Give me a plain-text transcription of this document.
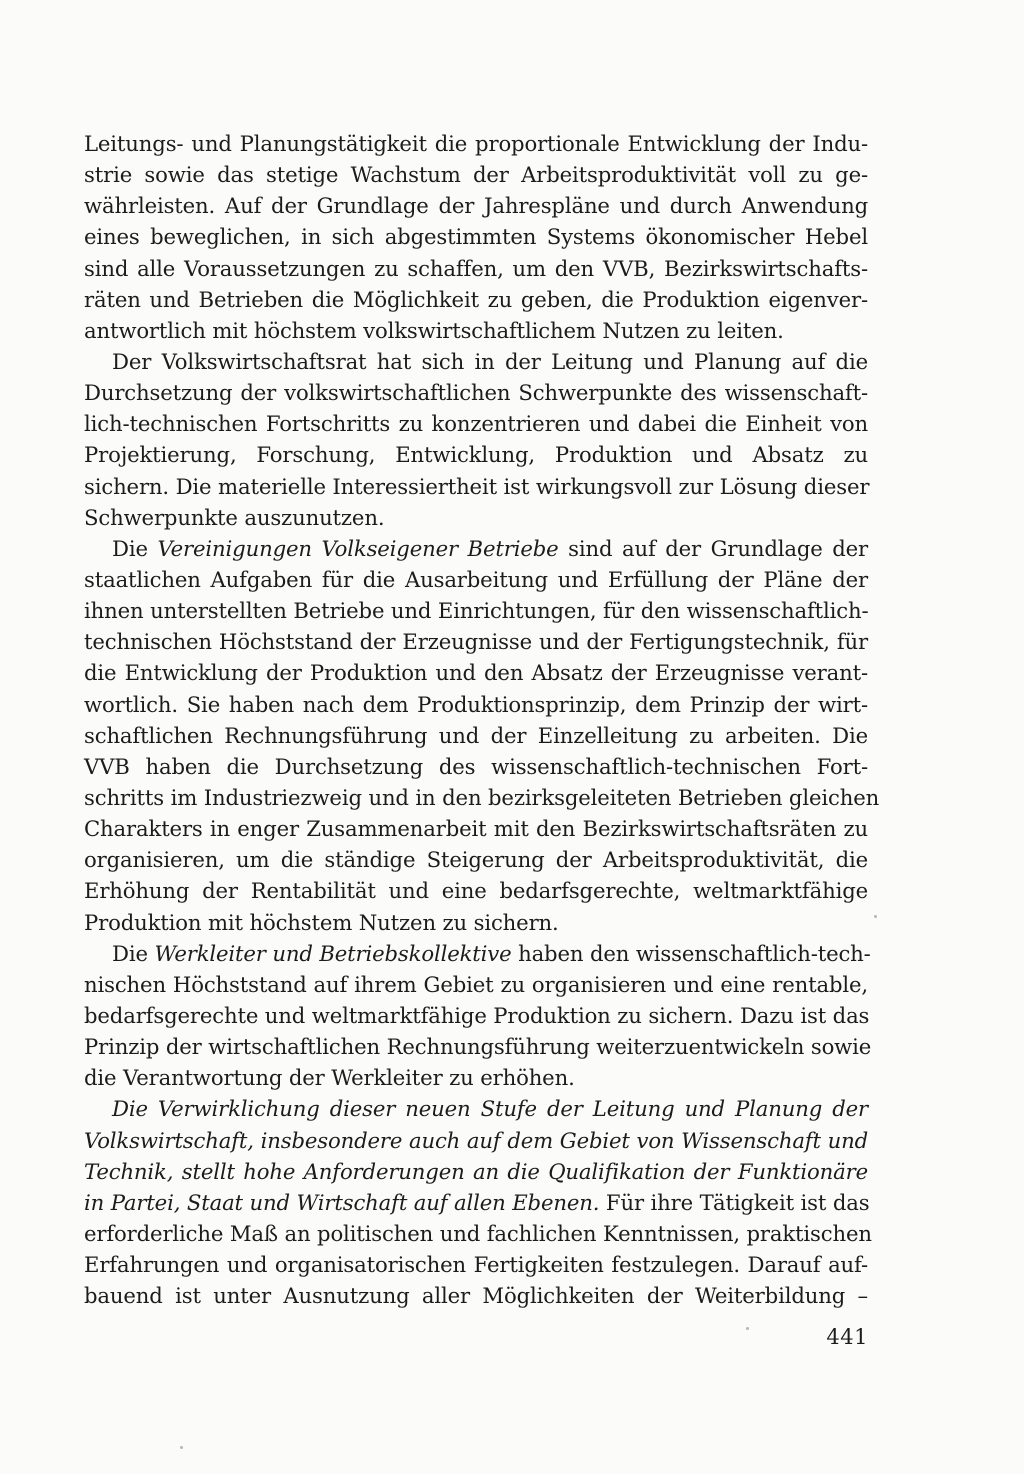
Leitungs- und Planungstätigkeit die proportionale Entwicklung der Indu-
strie sowie das stetige Wachstum der Arbeitsproduktivität voll zu ge-
währleisten. Auf der Grundlage der Jahrespläne und durch Anwendung
eines beweglichen, in sich abgestimmten Systems ökonomischer Hebel
sind alle Voraussetzungen zu schaffen, um den VVB, Bezirkswirtschafts-
räten und Betrieben die Möglichkeit zu geben, die Produktion eigenver-
antwortlich mit höchstem volkswirtschaftlichem Nutzen zu leiten.
Der Volkswirtschaftsrat hat sich in der Leitung und Planung auf die
Durchsetzung der volkswirtschaftlichen Schwerpunkte des wissenschaft-
lich-technischen Fortschritts zu konzentrieren und dabei die Einheit von
Projektierung, Forschung, Entwicklung, Produktion und Absatz zu
sichern. Die materielle Interessiertheit ist wirkungsvoll zur Lösung dieser
Schwerpunkte auszunutzen.
Die Vereinigungen Volkseigener Betriebe sind auf der Grundlage der
staatlichen Aufgaben für die Ausarbeitung und Erfüllung der Pläne der
ihnen unterstellten Betriebe und Einrichtungen, für den wissenschaftlich-
technischen Höchststand der Erzeugnisse und der Fertigungstechnik, für
die Entwicklung der Produktion und den Absatz der Erzeugnisse verant-
wortlich. Sie haben nach dem Produktionsprinzip, dem Prinzip der wirt-
schaftlichen Rechnungsführung und der Einzelleitung zu arbeiten. Die
VVB haben die Durchsetzung des wissenschaftlich-technischen Fort-
schritts im Industriezweig und in den bezirksgeleiteten Betrieben gleichen
Charakters in enger Zusammenarbeit mit den Bezirkswirtschaftsräten zu
organisieren, um die ständige Steigerung der Arbeitsproduktivität, die
Erhöhung der Rentabilität und eine bedarfsgerechte, weltmarktfähige
Produktion mit höchstem Nutzen zu sichern.
Die Werkleiter und Betriebskollektive haben den wissenschaftlich-tech-
nischen Höchststand auf ihrem Gebiet zu organisieren und eine rentable,
bedarfsgerechte und weltmarktfähige Produktion zu sichern. Dazu ist das
Prinzip der wirtschaftlichen Rechnungsführung weiterzuentwickeln sowie
die Verantwortung der Werkleiter zu erhöhen.
Die Verwirklichung dieser neuen Stufe der Leitung und Planung der
Volkswirtschaft, insbesondere auch auf dem Gebiet von Wissenschaft und
Technik, stellt hohe Anforderungen an die Qualifikation der Funktionäre
in Partei, Staat und Wirtschaft auf allen Ebenen. Für ihre Tätigkeit ist das
erforderliche Maß an politischen und fachlichen Kenntnissen, praktischen
Erfahrungen und organisatorischen Fertigkeiten festzulegen. Darauf auf-
bauend ist unter Ausnutzung aller Möglichkeiten der Weiterbildung –
441
